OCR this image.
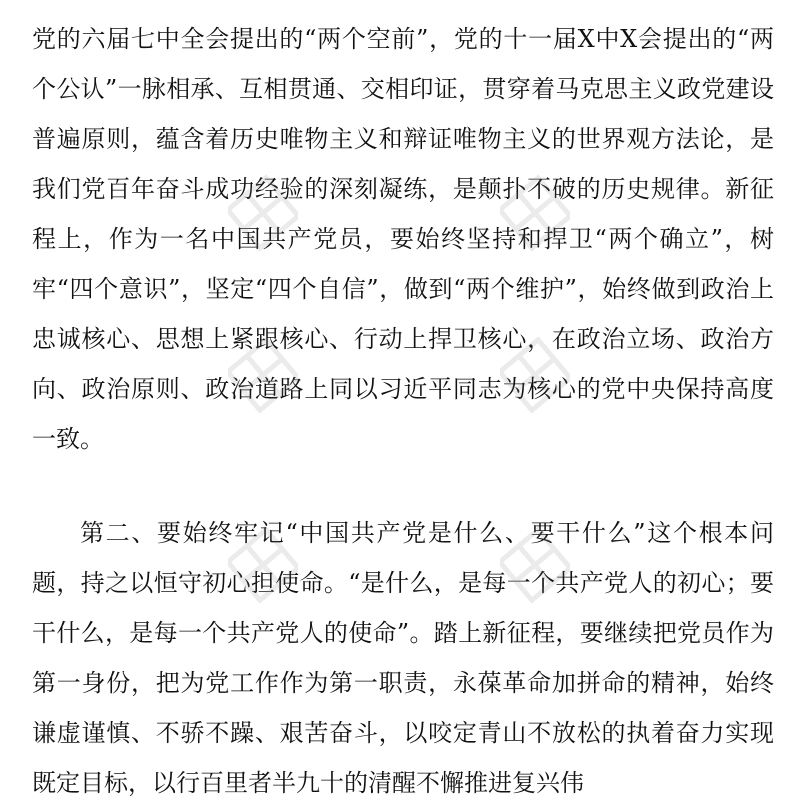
党的六届七中全会提出的“两个空前”，党的十一届Ⅹ中Ⅹ会提出的“两个公认”一脉相承、互相贯通、交相印证，贯穿着马克思主义政党建设普遍原则，蕴含着历史唯物主义和辩证唯物主义的世界观方法论，是我们党百年奋斗成功经验的深刻凝练，是颠扑不破的历史规律。新征程上，作为一名中国共产党员，要始终坚持和捍卫“两个确立”，树牢“四个意识”，坚定“四个自信”，做到“两个维护”，始终做到政治上忠诚核心、思想上紧跟核心、行动上捍卫核心，在政治立场、政治方向、政治原则、政治道路上同以习近平同志为核心的党中央保持高度一致。

第二、要始终牢记“中国共产党是什么、要干什么”这个根本问题，持之以恒守初心担使命。“是什么，是每一个共产党人的初心；要干什么，是每一个共产党人的使命”。踏上新征程，要继续把党员作为第一身份，把为党工作作为第一职责，永葆革命加拼命的精神，始终谦虚谨慎、不骄不躁、艰苦奋斗，以咬定青山不放松的执着奋力实现既定目标，以行百里者半九十的清醒不懈推进复兴伟
